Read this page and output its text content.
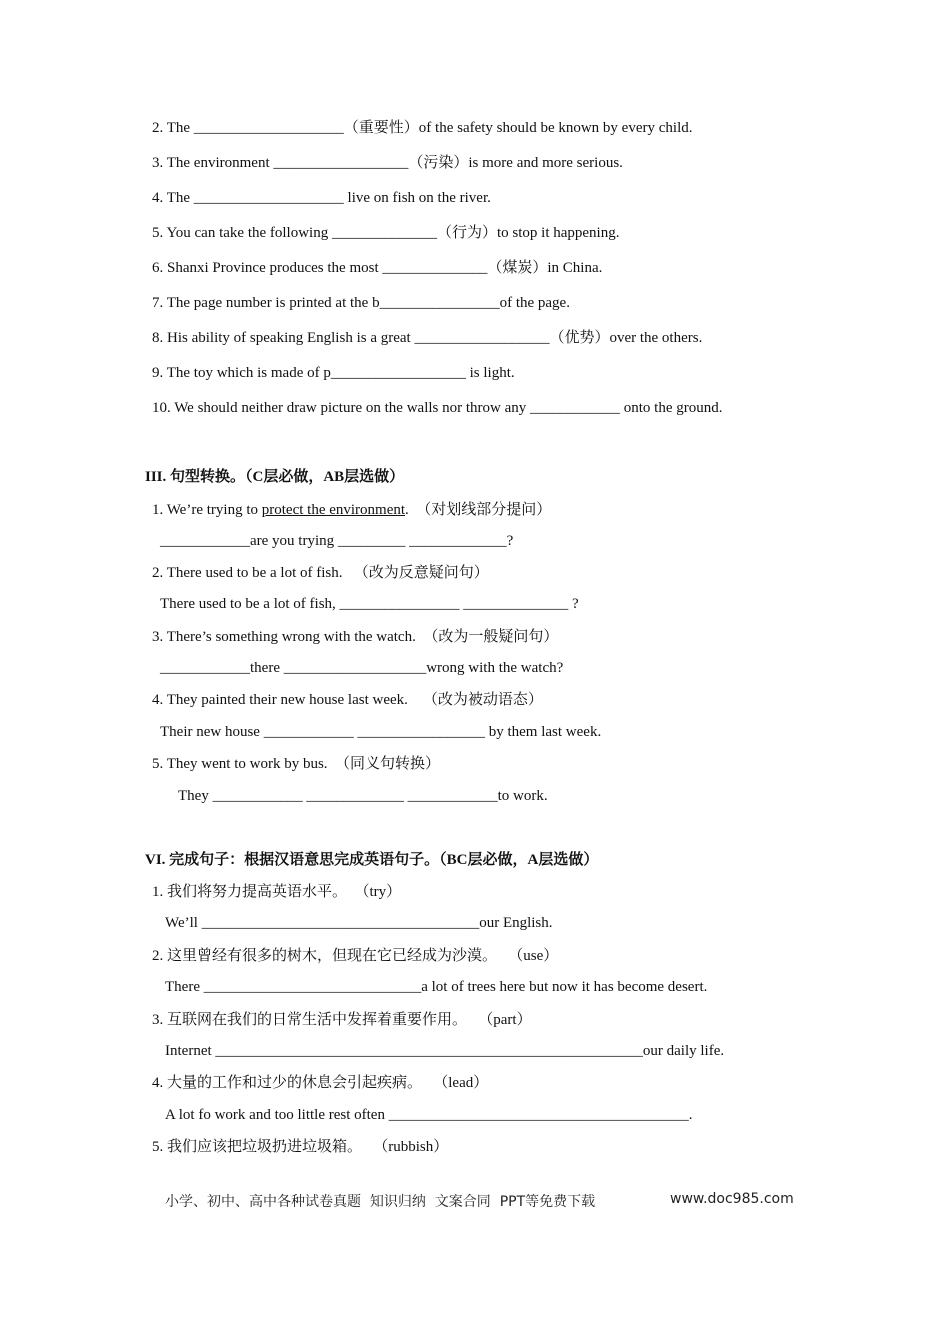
2. The ____________________（重要性）of the safety should be known by every child.
3. The environment __________________（污染）is more and more serious.
4. The ____________________ live on fish on the river.
5. You can take the following ______________（行为）to stop it happening.
6. Shanxi Province produces the most ______________（煤炭）in China.
7. The page number is printed at the b________________of the page.
8. His ability of speaking English is a great __________________（优势）over the others.
9. The toy which is made of p__________________ is light.
10. We should neither draw picture on the walls nor throw any ____________ onto the ground.
III. 句型转换。（C层必做，AB层选做）
1. We’re trying to protect the environment.  （对划线部分提问）
____________are you trying _________ _____________?
2. There used to be a lot of fish.   （改为反意疑问句）
There used to be a lot of fish, ________________ ______________ ?
3. There’s something wrong with the watch.  （改为一般疑问句）
____________there ___________________wrong with the watch?
4. They painted their new house last week.    （改为被动语态）
Their new house ____________ _________________ by them last week.
5. They went to work by bus.  （同义句转换）
They ____________ _____________ ____________to work.
VI. 完成句子：根据汉语意思完成英语句子。（BC层必做，A层选做）
1. 我们将努力提高英语水平。  （try）
We’ll _____________________________________our English.
2. 这里曾经有很多的树木，但现在它已经成为沙漠。   （use）
There _____________________________a lot of trees here but now it has become desert.
3. 互联网在我们的日常生活中发挥着重要作用。   （part）
Internet _________________________________________________________our daily life.
4. 大量的工作和过少的休息会引起疾病。   （lead）
A lot fo work and too little rest often ________________________________________.
5. 我们应该把垃圾扔进垃圾箱。   （rubbish）
小学、初中、高中各种试卷真题  知识归纳  文案合同  PPT等免费下载	www.doc985.com
